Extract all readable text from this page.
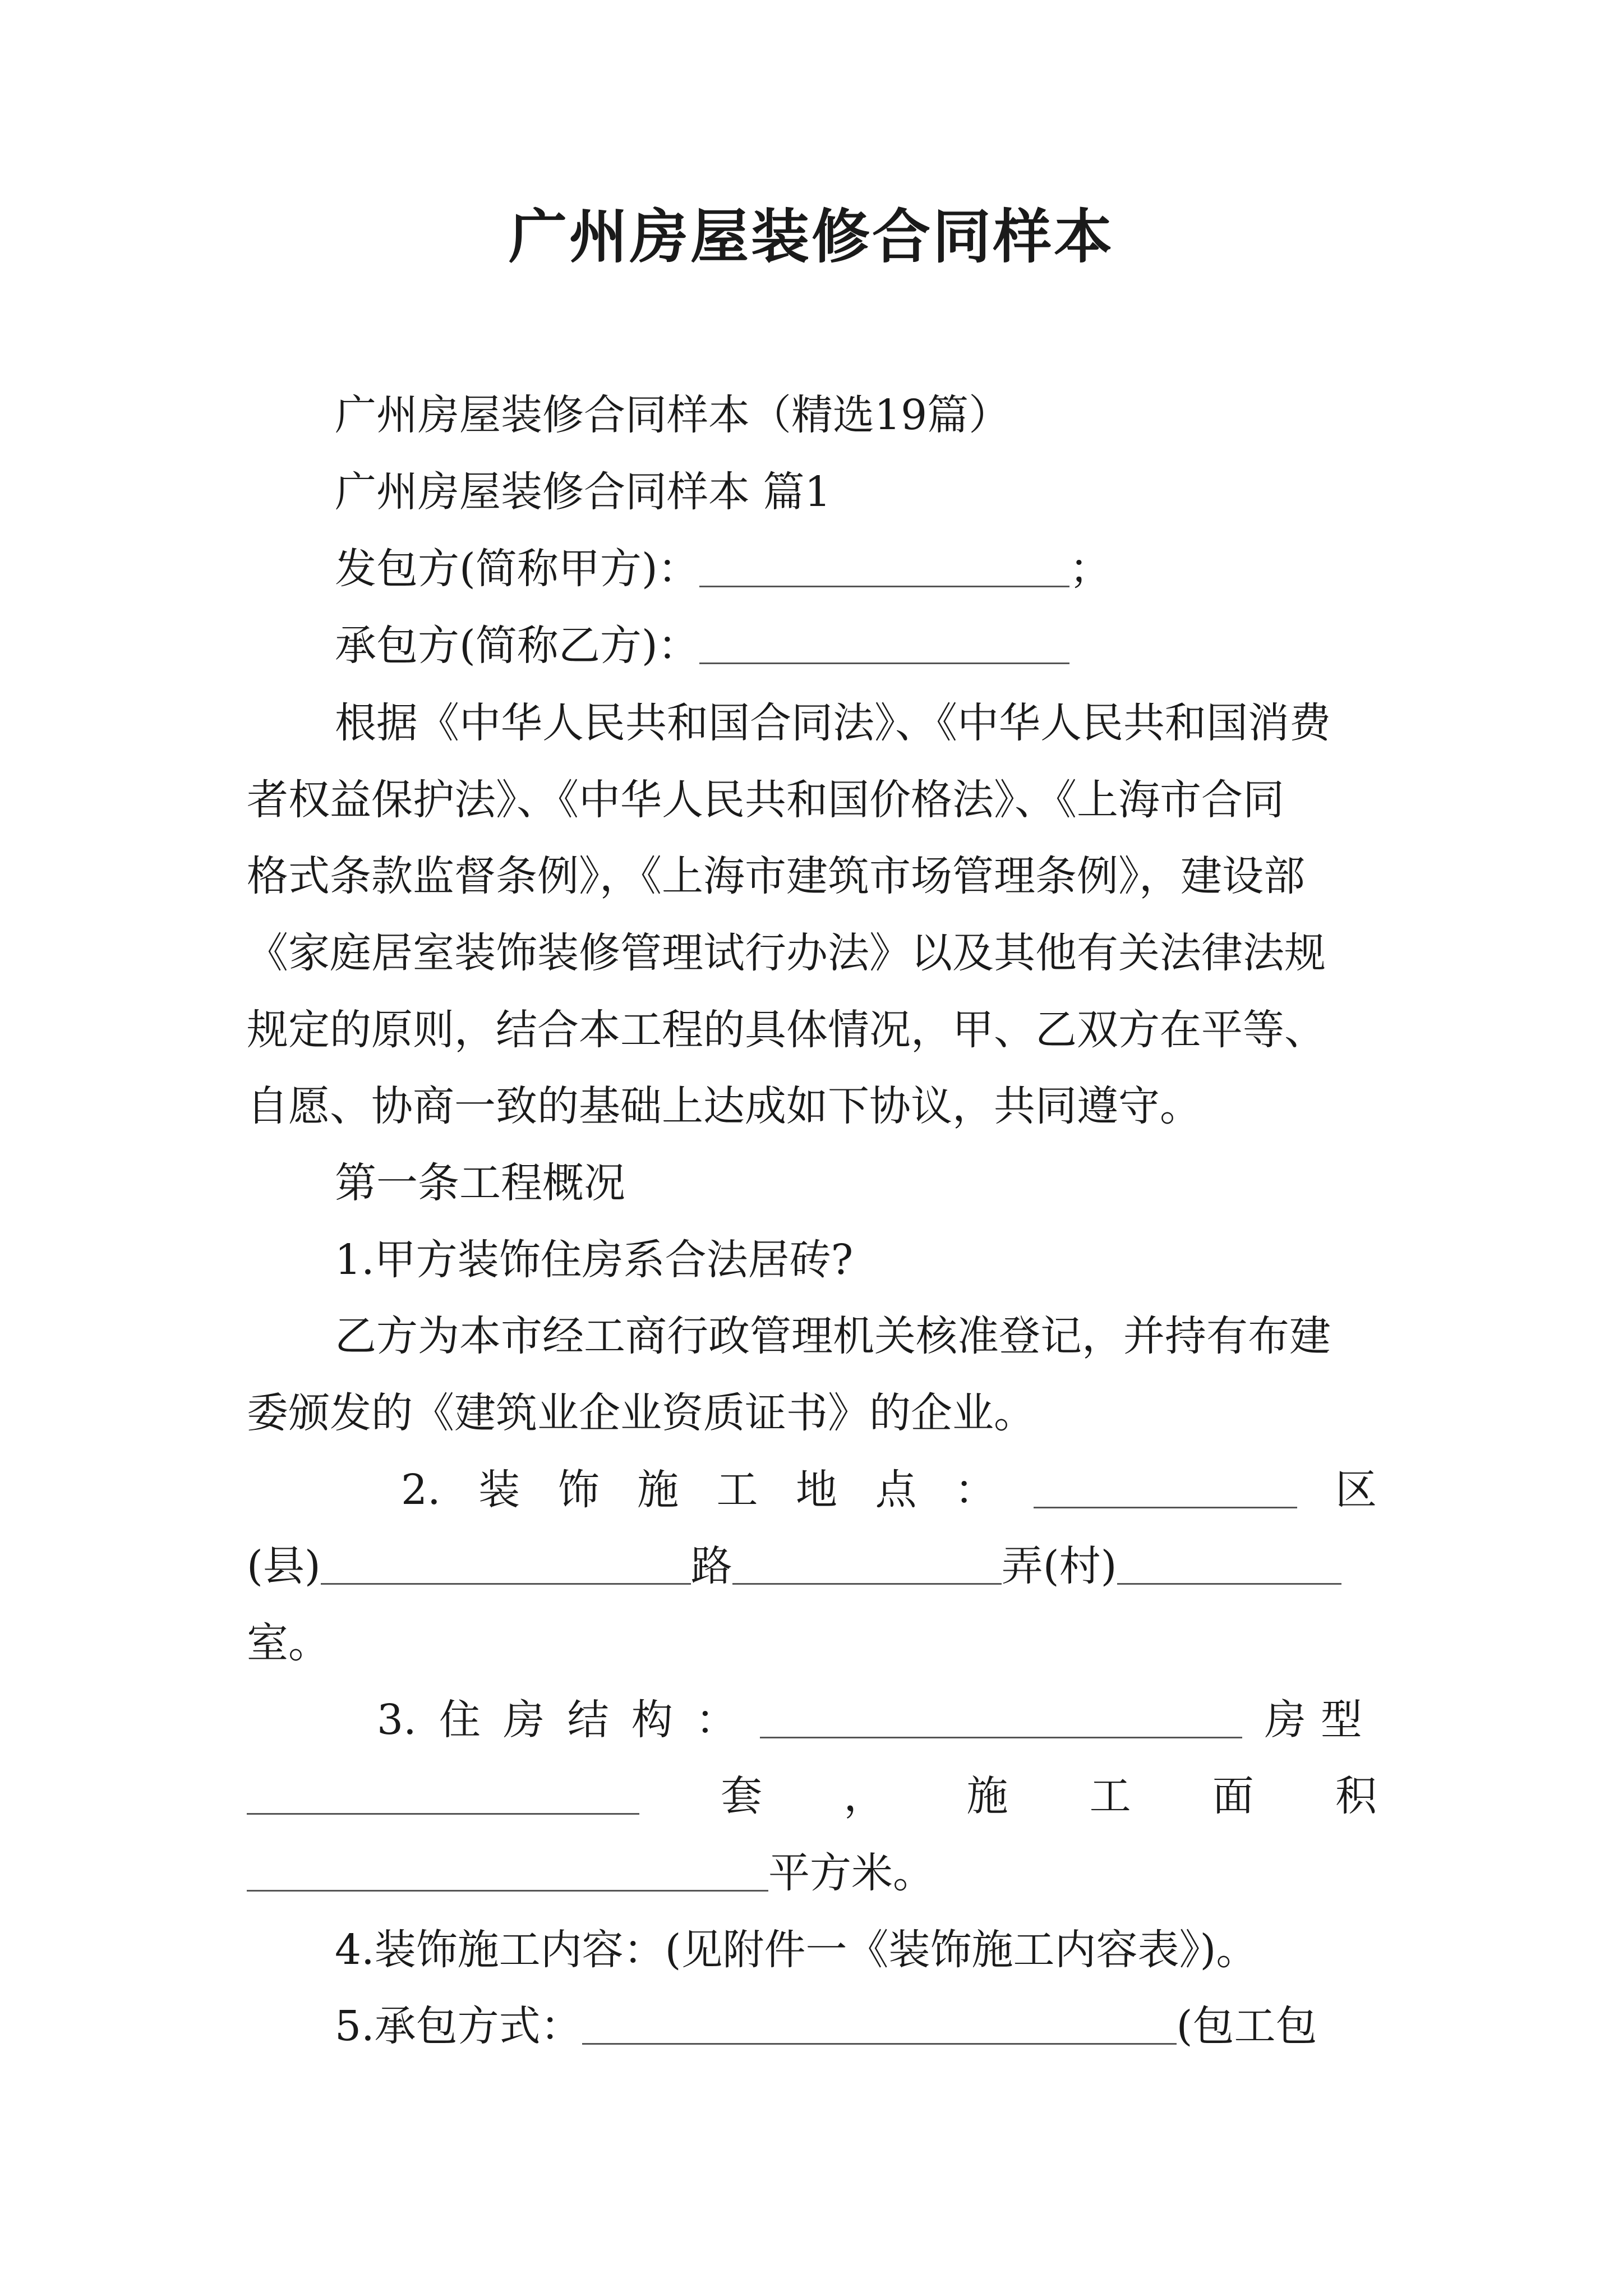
广州房屋装修合同样本
广州房屋装修合同样本（精选19篇）
广州房屋装修合同样本 篇1
发包方(简称甲方)：	；
承包方(简称乙方)：
根据《中华人民共和国合同法》、《中华人民共和国消费
者权益保护法》、《中华人民共和国价格法》、《上海市合同
格式条款监督条例》，《上海市建筑市场管理条例》，建设部
《家庭居室装饰装修管理试行办法》以及其他有关法律法规
规定的原则，结合本工程的具体情况，甲、乙双方在平等、
自愿、协商一致的基础上达成如下协议，共同遵守。
第一条工程概况
1.甲方装饰住房系合法居砖?
乙方为本市经工商行政管理机关核准登记，并持有布建
委颁发的《建筑业企业资质证书》的企业。
2. 装 饰 施 工 地 点 ：	区
(县)	路	弄(村)
室。
3. 住 房 结 构 ：	房型
套 ， 施 工 面 积
平方米。
4.装饰施工内容：(见附件一《装饰施工内容表》)。
5.承包方式：	(包工包
